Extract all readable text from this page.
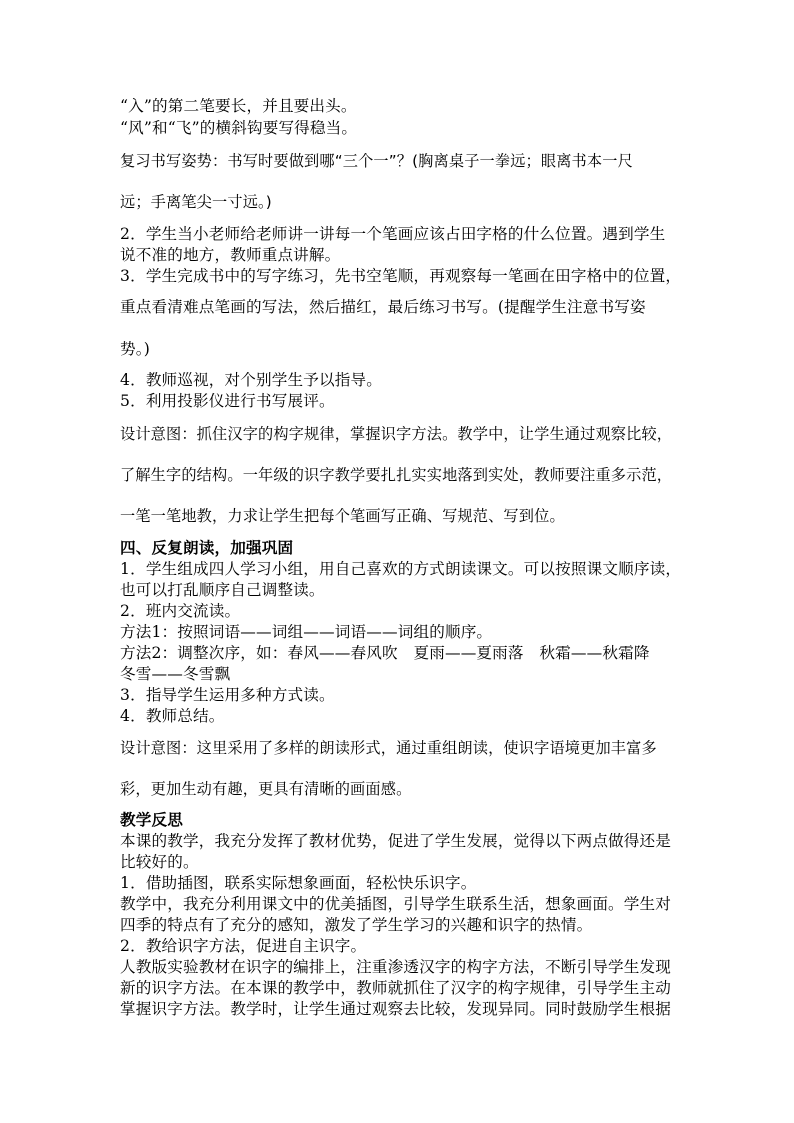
“入”的第二笔要长，并且要出头。
“风”和“飞”的横斜钩要写得稳当。
复习书写姿势：书写时要做到哪“三个一”？(胸离桌子一拳远；眼离书本一尺
远；手离笔尖一寸远。)
2．学生当小老师给老师讲一讲每一个笔画应该占田字格的什么位置。遇到学生
说不准的地方，教师重点讲解。
3．学生完成书中的写字练习，先书空笔顺，再观察每一笔画在田字格中的位置，
重点看清难点笔画的写法，然后描红，最后练习书写。(提醒学生注意书写姿
势。)
4．教师巡视，对个别学生予以指导。
5．利用投影仪进行书写展评。
设计意图：抓住汉字的构字规律，掌握识字方法。教学中，让学生通过观察比较，
了解生字的结构。一年级的识字教学要扎扎实实地落到实处，教师要注重多示范，
一笔一笔地教，力求让学生把每个笔画写正确、写规范、写到位。
四、反复朗读，加强巩固
1．学生组成四人学习小组，用自己喜欢的方式朗读课文。可以按照课文顺序读，
也可以打乱顺序自己调整读。
2．班内交流读。
方法1：按照词语——词组——词语——词组的顺序。
方法2：调整次序，如：春风——春风吹　夏雨——夏雨落　秋霜——秋霜降
冬雪——冬雪飘
3．指导学生运用多种方式读。
4．教师总结。
设计意图：这里采用了多样的朗读形式，通过重组朗读，使识字语境更加丰富多
彩，更加生动有趣，更具有清晰的画面感。
教学反思
本课的教学，我充分发挥了教材优势，促进了学生发展，觉得以下两点做得还是
比较好的。
1．借助插图，联系实际想象画面，轻松快乐识字。
教学中，我充分利用课文中的优美插图，引导学生联系生活，想象画面。学生对
四季的特点有了充分的感知，激发了学生学习的兴趣和识字的热情。
2．教给识字方法，促进自主识字。
人教版实验教材在识字的编排上，注重渗透汉字的构字方法，不断引导学生发现
新的识字方法。在本课的教学中，教师就抓住了汉字的构字规律，引导学生主动
掌握识字方法。教学时，让学生通过观察去比较，发现异同。同时鼓励学生根据
